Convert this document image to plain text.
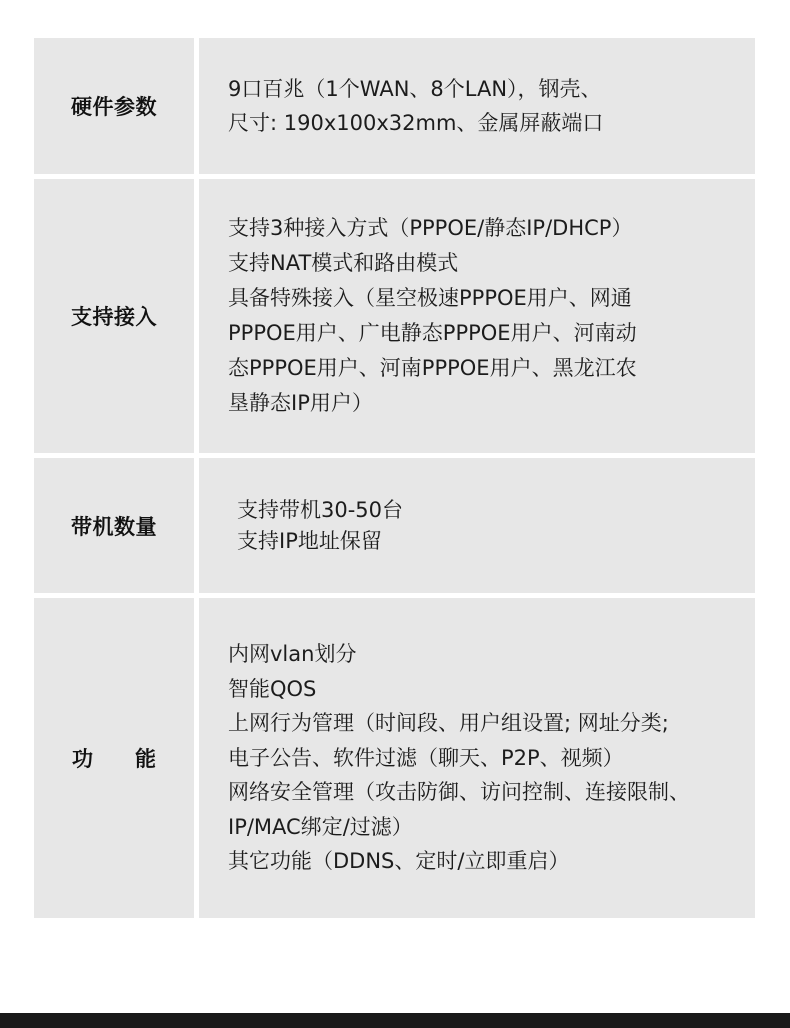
硬件参数
9口百兆（1个WAN、8个LAN），钢壳、
尺寸: 190x100x32mm、金属屏蔽端口
支持接入
支持3种接入方式（PPPOE/静态IP/DHCP）
支持NAT模式和路由模式
具备特殊接入（星空极速PPPOE用户、网通
PPPOE用户、广电静态PPPOE用户、河南动
态PPPOE用户、河南PPPOE用户、黑龙江农
垦静态IP用户）
带机数量
支持带机30-50台
支持IP地址保留
功　　能
内网vlan划分
智能QOS
上网行为管理（时间段、用户组设置; 网址分类;
电子公告、软件过滤（聊天、P2P、视频）
网络安全管理（攻击防御、访问控制、连接限制、
IP/MAC绑定/过滤）
其它功能（DDNS、定时/立即重启）
